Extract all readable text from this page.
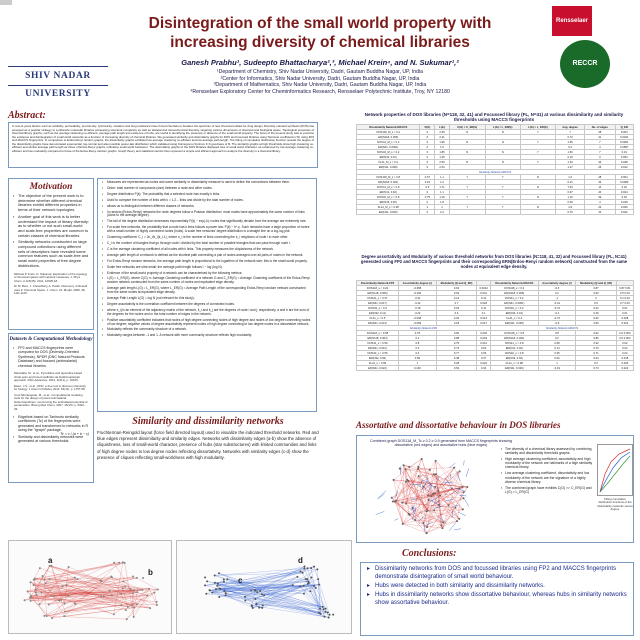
Disintegration of the small world property with
increasing diversity of chemical libraries
Ganesh Prabhu¹, Sudeepto Bhattacharya²,³, Michael Krein⁴, and N. Sukumar¹,²
¹Department of Chemistry, Shiv Nadar University, Dadri, Gautam Buddha Nagar, UP, India
²Center for Informatics, Shiv Nadar University, Dadri, Gautam Buddha Nagar, UP, India
³Department of Mathematics, Shiv Nadar University, Dadri, Gautam Buddha Nagar, UP, India
⁴Rensselaer Exploratory Center for Cheminformatics Research, Rensselaer Polytechnic Institute, Troy, NY 12180
SHIV NADAR UNIVERSITY
Rensselaer
RECCR
Abstract:
In recent years factors such as solubility, permeability, promiscuity, cytotoxicity, mutation and drug resistance have forced chemists to broaden the spectrum of new chemical entities for drug design. Diversity-oriented synthesis (DOS) has emerged as a popular strategy to synthesize molecular libraries possessing structural complexity as well as skeletal and stereochemical diversity, targeting various dimensions of chemical and biological space. Topological properties of chemical library graphs, such as the average clustering co-efficient, average path length and existence of hubs, are useful in identifying the presence or absence of the small world property. The focus of the present study was to examine the existence and disintegration of small world networks as a function of increasing diversity of chemical libraries. We generated similarity and dissimilarity graphs for DOS and focussed libraries using Tanimoto coefficients (Tc) using FP2 and MACCS fingerprints. In comparison to Erdos-Renyi random graphs, the dissimilarity graphs exhibited low average clustering co-efficient and low average path length. The fitting of cumulative distribution function reveals the degree of the dissimilarity graphs have denominated exponential, log-normal and also possible power-law distribution which validated using Kolmogorov-Smirnov K-S goodness of fit. The similarity graphs at high thresholds show high clustering co-efficient and similar average path length as those of Erdos-Renyi graphs, indicating small world behaviour. The dissimilarity graphs of the DOS libraries displayed loss of small world character, as evidenced by low average clustering co-efficient and low modularity compared to those of the Erdos-Renyi random graphs. Graph theory and statistical metrics thus represent a simple and efficient approach to analyze the diversity in a chemical library.
Motivation
▪ The objective of the present work is to determine whether different chemical libraries exhibit different properties in terms of their network topologies.
▪ Another goal of this work is to better understand the impact of library diversity: as to whether or not such small-world and scale-free properties are common to certain classes of chemical libraries.
▪ Similarity networks constructed on large compound collections using different sets of descriptors have revealed some common features such as scale-free and small world properties of free degree distributions.

Michael P. Krein, N. Sukumar, Exploration of the topology of chemical spaces with network measures, J. Phys. Chem. A 115(45), 2011, 12905-18.

M. M. Bero, J. Chowdhary, A. Parab, Discovery of Rosetti uses in Chemical Space. J. Chem. Inf. Model. 2008, 48, 1111-1115.

Datasets & Computational Methodology
▪ FP2 and MACCS fingerprints were computed for DOS (Diversity-Oriented Synthesis), NPDR (DNC Natural Products Database) and focused (antimalarial) chemical libraries.

Mamidala, M., et al., Pyrrolidine and piperidine based chiral spiro and fused scaffolds via build/couple/pair approach. RSC Advances, 2014, 4(211), p. 10616.

Ewen, J.S., et al., DNC: a free tool to discover chemistry for biology. J Chem Inf Model, 2012. 52(11): p. 1757-68.

Cruz-Monteagudo, M., et al., Computational modeling tools for the design of potent antimalarial bisbenzamidines: overcoming the antimalarial potential of pentamidine. Bioorg Med Chem, 2007. 15(15): p. 5322-39.

▪ Edgelists based on Tanimoto similarity coefficients (Tc) of the fingerprints were generated and transformed to networks in R using the "igraph" package.
▪ Similarity and dissimilarity networks were generated at various thresholds.
Tc = c / (a + b − c)
▪ Measures are represented as nodes and some similarity or dissimilarity measure is used to define the connections between them.
▪ Order: total number of compounds (size) between a node and other nodes.
▪ Degree distribution P(k): The probability that a selected node has exactly k links.
▪ Used to compare the number of links with k = 1,2... links and divide by the total number of nodes.
▪ allows us to distinguish between different classes of networks.
▪ In random (Erdos-Renyi) networks the node degrees follow a Poisson distribution: most nodes have approximately the same number of links (close to the average degree).
▪ The tail of the degree distribution decreases exponentially P(k) ~ exp(-k): nodes that significantly deviate from the average are extremely rare.
▪ For scale free networks, the probability that a node has k links follows a power law: P(k) ~ k^-γ. Such networks have a large proportion of nodes with a small number of highly connected nodes (hubs). A scale free networks' degree distribution is a straight line on a log-log plot.
▪ Clustering coefficient: C_i = 2n_i/k_i(k_i-1), where n_i is the number of links connecting the k_i neighbors of node i to each other.
▪ C_i is the number of triangles that go through node i divided by the total number of possible triangles that can pass through node i.
▪ C is the average clustering coefficient of all nodes with k links. This property measures the cliquishness of the network.
▪ Average path length of a network is defined as the shortest path connecting a pair of nodes averaged over all pairs of nodes in the network.
▪ For Erdos-Renyi random networks, the average path length is proportional to the logarithm of the network size; this is the small-world property.
▪ Scale free networks are ultra small; the average path length follows l ~ log (log N).
▪ Evidence of the small-world property of a network can be characterised by the following metrics:
▪ L(G) ≈ L_ER(G), where C(G) ≫ Average Clustering coefficient of a network G and C_ER(G) = Average Clustering coefficient of the Erdos-Renyi random network constructed from the same number of nodes and equivalent edge density.
▪ Average path length L(G) ≈ L_ER(G), where L_ER(G) = Average Path Length of the corresponding Erdos-Renyi random network constructed from the same nodes at equivalent edge density.
▪ Average Path Length L(G) ≈ log N (not relevant for this study).
▪ Degree assortativity is the correlation coefficient between the degrees of connected nodes.
▪ where e_ij is an element of the adjacency matrix of the network, k_i and k_j are the degrees of node i and j, respectively, a and b are the sum of the degrees for the nodes and m the total number of edges in the network.
▪ Positive assortativity coefficient indicates that nodes of high degree connecting nodes of high degree and nodes of low degree connecting nodes of low degree; negative values of degree assortativity represent nodes of high degree connecting to low degree nodes in a dissortative network.
▪ Modularity reflects the community structure of a network.
▪ Modularity ranges between -1 and 1. A network with more community structure reflects high modularity.
Similarity and dissimilarity networks
Fruchterman-Reingold layout (force field directed layout) used to visualize the indicated threshold networks. Red and blue edges represent dissimilarity and similarity edges. Networks with dissimilarity edges (a-b) show the absence of cliquishness, loss of small-world character, presence of hubs (star substructures) with limited communities and links of high degree nodes to low degree nodes reflecting dissortativity. Networks with similarity edges (c-d) show the presence of cliques reflecting small-worldness with high modularity.
a
b
c
d
Network properties of DOS libraries (N=118, 32, 41) and Focussed library (FL, N=41) at various dissimilarity and similarity thresholds using MACCS fingerprints
Dissimilarity Network-MACCS	C(G)	L(G)	C(G) > C_ER(G)	L(G) ≈ L_ER(G)	L(G) > L_ER(G)	Avg. degree	No. of edges	Q_ER
DOS118_M_s < 0.2	0	2.35	N	N	Y	7	28	0.004
ER(N118, 0.006)	0	2.21				0.72	31	0.0041
DOS41_M_s < 0.2	0	1.96	N	N	Y	1.66	7	0.0061
ER(N41, 0.0061)	0	1.5				0.2	4	0.0897
DOS32_M_s < 0.2	0	1.86	N	N	Y	1.66	7	0.01
ER(N32, 0.01)	0	1.25				0.19	3	0.094
FL41_M_s < 0.2	0	2.59	N	N	Y	1.64	33	0.028
ER(N41, 0.028)	0	2.63				1.27	26	0.012
Similarity Network-MACCS								
DOS118_M_s > 0.8	0.67	1.1	Y	Y	N	1.6	28	0.004
ER(N118, 0.004)	0.15	1.2				0.21	33	0.0083
DOS41_M_s > 0.8	0.5	1.71	Y	Y	N	7.23	14	0.02
ER(N41, 0.02)	0	1.1				0.97	20	0.024
DOS32_M_s > 0.8	0.75	1.16	Y	Y	N	1.16	39	0.02
ER(N32, 0.02)	0	1.8				0.36	4	0.018
FL41_M_s > 0.98	1	1	Y	Y	N	4.9	22	0.026
ER(N41, 0.026)	0	2.2				0.76	10	0.022
Degree assortativity and Modularity of various threshold networks from DOS libraries (N=118, 41, 32) and Focussed library (FL, N=41) generated using FP2 and MACCS fingerprints and their corresponding ERN(Erdos-Renyi random network) constructed from the same nodes at equivalent edge density.
Dissimilarity Network-FP2	Assortativity degree (r)	Modularity (Q and Q_ER)		Dissimilarity Network-MACCS	Assortativity degree (r)	Modularity (Q and Q_ER)	
DOS118_s < 0.22	-0.358	0.64	0.0024	DOS118_s < 0.2	-0.5	0.87	0.87 0.81
ER(N118, 0.006)	-0.166	0.03	0.001	ER(N118, 0.006)	0.2	0.93	0.5 0.03
DOS41_s < 0.37	-0.31	0.13	0.12	DOS41_s < 0.2	-1	0	0.1 0.03
ER(N41, 0.017)	-0.42	0.7	0.018	ER(N41, 0.0061)	-0.41	0.5	0.7 0.03
DOS32_s < 0.3	-0.18	0.18	0.11	DOS32_s < 0.2	-0.74	0.22	0.01
ER(N32, 0.11)	-0.22	0.6	0.1	ER(N32, 0.01)	-0.1	0.46	0.01
FL41_s < 0.5	-0.008	0.02	0.013	FL41_s < 0.2	-0.72	0.62	0.028
ER(N41, 0.013)	-0.059	0.18	0.017	ER(N41, 0.028)	-0.9	0.66	0.022
Similarity Network-FP2				Similarity Network-MACCS			
DOS118_s > 0.58	0.78	0.95	0.004	DOS118_s > 0.8	0.8	0.92	0.0 0.003
ER(N118, 0.004)	0.2	0.88	0.003	ER(N118, 0.004)	0.2	0.86	0.0 0.003
DOS41_s > 0.59	0.8	0.75	0.012	DOS41_s > 0.8	0.68	0.92	0.02
ER(N41, 0.012)	0.3	0.73	0.02	ER(N41, 0.02)	0.14	0.76	0.02
DOS32_s > 0.56	0.4	0.77	0.06	DOS32_s > 0.8	0.35	0.71	0.02
ER(N32, 0.06)	0.09	0.38	0.07	ER(N32, 0.02)	0.02	0.64	0.018
FL41_s > 0.99	1	0.28	0.022	FL41_s > 0.98	1	0.2	0.026
ER(N41, 0.022)	0.146	0.54	0.04	ER(N41, 0.026)	-0.19	0.73	0.022
Assortative and dissortative behaviour in DOS libraries
Combined graph DOS118_M_Tc ≥ 0.2 ≥ 0.9 generated from MACCS fingerprints showing dissortative (red edges) and assortative hubs (blue edges)
▪ The diversity of a chemical library assessed by combining similarity and dissimilarity threshold graphs.
▪ High average clustering coefficient, assortativity and high modularity of the network are hallmarks of a high similarity chemical library.
▪ Low average clustering coefficient, dissortativity and low modularity of the network are the signature of a highly diverse chemical library.
▪ The combined graph have exhibits C(G) >> C_ER(G) and L(G) ≈ L_ER(G)
Fitting cumulative distribution functions of the dissimilarity networks versus degree
Conclusions:
▸ Dissimilarity networks from DOS and focussed libraries using FP2 and MACCS fingerprints demonstrate disintegration of small world behaviour.
▸ Hubs were detected in both similarity and dissimilarity networks.
▸ Hubs in dissimilarity networks show dissortative behaviour, whereas hubs in similarity networks show assortative behaviour.
